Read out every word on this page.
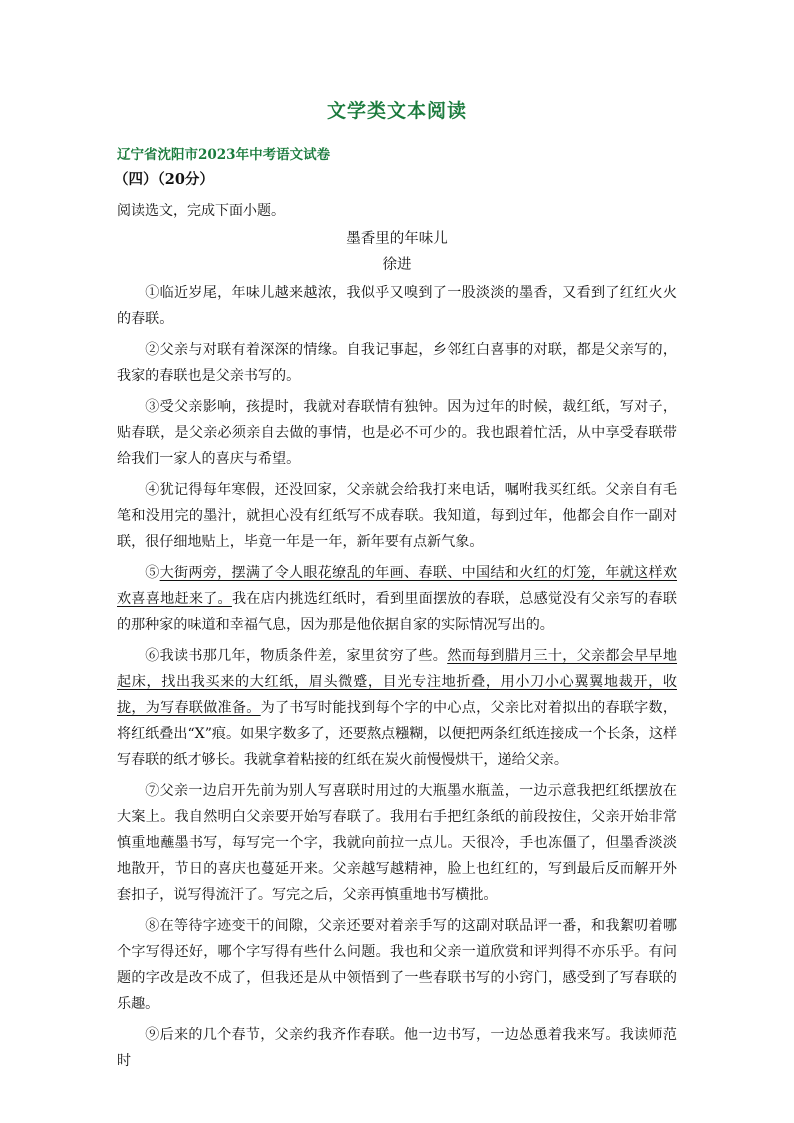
文学类文本阅读
辽宁省沈阳市2023年中考语文试卷
（四）（20分）
阅读选文，完成下面小题。
墨香里的年味儿
徐进

①临近岁尾，年味儿越来越浓，我似乎又嗅到了一股淡淡的墨香，又看到了红红火火的春联。

②父亲与对联有着深深的情缘。自我记事起，乡邻红白喜事的对联，都是父亲写的，我家的春联也是父亲书写的。

③受父亲影响，孩提时，我就对春联情有独钟。因为过年的时候，裁红纸，写对子，贴春联，是父亲必须亲自去做的事情，也是必不可少的。我也跟着忙活，从中享受春联带给我们一家人的喜庆与希望。

④犹记得每年寒假，还没回家，父亲就会给我打来电话，嘱咐我买红纸。父亲自有毛笔和没用完的墨汁，就担心没有红纸写不成春联。我知道，每到过年，他都会自作一副对联，很仔细地贴上，毕竟一年是一年，新年要有点新气象。

⑤大街两旁，摆满了令人眼花缭乱的年画、春联、中国结和火红的灯笼，年就这样欢欢喜喜地赶来了。我在店内挑选红纸时，看到里面摆放的春联，总感觉没有父亲写的春联的那种家的味道和幸福气息，因为那是他依据自家的实际情况写出的。

⑥我读书那几年，物质条件差，家里贫穷了些。然而每到腊月三十，父亲都会早早地起床，找出我买来的大红纸，眉头微蹙，目光专注地折叠，用小刀小心翼翼地裁开，收拢，为写春联做准备。为了书写时能找到每个字的中心点，父亲比对着拟出的春联字数，将红纸叠出“X”痕。如果字数多了，还要熬点糨糊，以便把两条红纸连接成一个长条，这样写春联的纸才够长。我就拿着粘接的红纸在炭火前慢慢烘干，递给父亲。

⑦父亲一边启开先前为别人写喜联时用过的大瓶墨水瓶盖，一边示意我把红纸摆放在大案上。我自然明白父亲要开始写春联了。我用右手把红条纸的前段按住，父亲开始非常慎重地蘸墨书写，每写完一个字，我就向前拉一点儿。天很冷，手也冻僵了，但墨香淡淡地散开，节日的喜庆也蔓延开来。父亲越写越精神，脸上也红红的，写到最后反而解开外套扣子，说写得流汗了。写完之后，父亲再慎重地书写横批。

⑧在等待字迹变干的间隙，父亲还要对着亲手写的这副对联品评一番，和我絮叨着哪个字写得还好，哪个字写得有些什么问题。我也和父亲一道欣赏和评判得不亦乐乎。有问题的字改是改不成了，但我还是从中领悟到了一些春联书写的小窍门，感受到了写春联的乐趣。

⑨后来的几个春节，父亲约我齐作春联。他一边书写，一边怂恿着我来写。我读师范时
